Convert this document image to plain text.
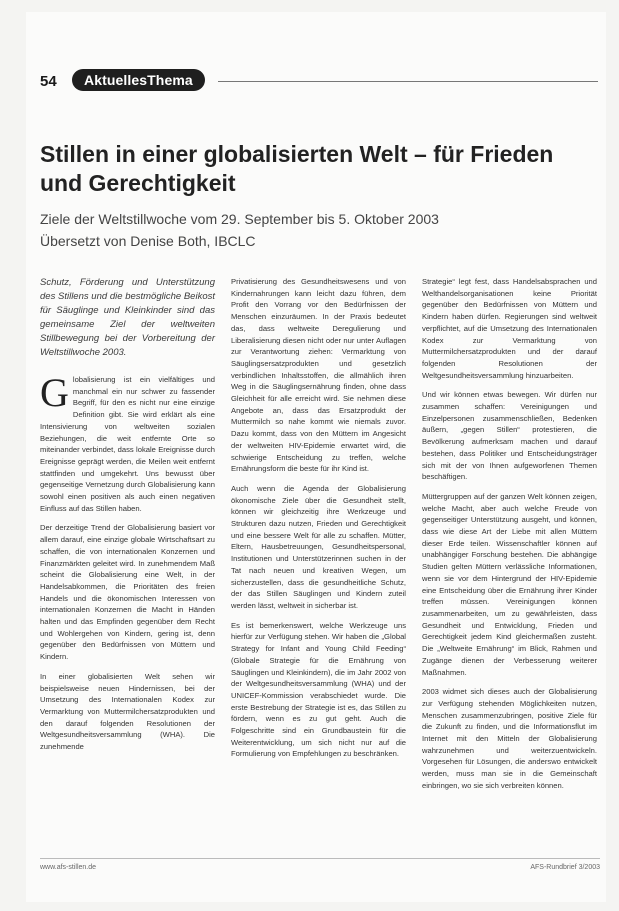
54	AktuellesThema
Stillen in einer globalisierten Welt – für Frieden und Gerechtigkeit

Ziele der Weltstillwoche vom 29. September bis 5. Oktober 2003

Übersetzt von Denise Both, IBCLC

Schutz, Förderung und Unterstützung des Stillens und die bestmögliche Beikost für Säuglinge und Kleinkinder sind das gemeinsame Ziel der weltweiten Stillbewegung bei der Vorbereitung der Weltstillwoche 2003.

Globalisierung ist ein vielfältiges und manchmal ein nur schwer zu fassender Begriff, für den es nicht nur eine einzige Definition gibt. Sie wird erklärt als eine Intensivierung von weltweiten sozialen Beziehungen, die weit entfernte Orte so miteinander verbindet, dass lokale Ereignisse durch Ereignisse geprägt werden, die Meilen weit entfernt stattfinden und umgekehrt. Uns bewusst über gegenseitige Vernetzung durch Globalisierung kann sowohl einen positiven als auch einen negativen Einfluss auf das Stillen haben.

Der derzeitige Trend der Globalisierung basiert vor allem darauf, eine einzige globale Wirtschaftsart zu schaffen, die von internationalen Konzernen und Finanzmärkten geleitet wird. In zunehmendem Maß scheint die Globalisierung eine Welt, in der Handelsabkommen, die Prioritäten des freien Handels und die ökonomischen Interessen von internationalen Konzernen die Macht in Händen halten und das Empfinden gegenüber dem Recht und Wohlergehen von Kindern, gering ist, denn gegenüber den Bedürfnissen von Müttern und Kindern.

In einer globalisierten Welt sehen wir beispielsweise neuen Hindernissen, bei der Umsetzung des Internationalen Kodex zur Vermarktung von Muttermilchersatzprodukten und den darauf folgenden Resolutionen der Weltgesundheitsversammlung (WHA). Die zunehmende

Privatisierung des Gesundheitswesens und von Kindernahrungen kann leicht dazu führen, dem Profit den Vorrang vor den Bedürfnissen der Menschen einzuräumen. In der Praxis bedeutet das, dass weltweite Deregulierung und Liberalisierung diesen nicht oder nur unter Auflagen zur Verantwortung ziehen: Vermarktung von Säuglingsersatzprodukten und gesetzlich verbindlichen Inhaltsstoffen, die allmählich ihren Weg in die Säuglingsernährung finden, ohne dass Gleichheit für alle erreicht wird. Sie nehmen diese Angebote an, dass das Ersatzprodukt der Muttermilch so nahe kommt wie niemals zuvor. Dazu kommt, dass von den Müttern im Angesicht der weltweiten HIV-Epidemie erwartet wird, die schwierige Entscheidung zu treffen, welche Ernährungsform die beste für ihr Kind ist.

Auch wenn die Agenda der Globalisierung ökonomische Ziele über die Gesundheit stellt, können wir gleichzeitig ihre Werkzeuge und Strukturen dazu nutzen, Frieden und Gerechtigkeit und eine bessere Welt für alle zu schaffen. Mütter, Eltern, Hausbetreuungen, Gesundheitspersonal, Institutionen und Unterstützerinnen suchen in der Tat nach neuen und kreativen Wegen, um sicherzustellen, dass die gesundheitliche Schutz, der das Stillen Säuglingen und Kindern zuteil werden lässt, weltweit in sicherbar ist.

Es ist bemerkenswert, welche Werkzeuge uns hierfür zur Verfügung stehen. Wir haben die „Global Strategy for Infant and Young Child Feeding“ (Globale Strategie für die Ernährung von Säuglingen und Kleinkindern), die im Jahr 2002 von der Weltgesundheitsversammlung (WHA) und der UNICEF-Kommission verabschiedet wurde. Die erste Bestrebung der Strategie ist es, das Stillen zu fördern, wenn es zu gut geht. Auch die Folgeschritte sind ein Grundbaustein für die Weiterentwicklung, um sich nicht nur auf die Formulierung von Empfehlungen zu beschränken.

Strategie“ legt fest, dass Handelsabsprachen und Welthandelsorganisationen keine Priorität gegenüber den Bedürfnissen von Müttern und Kindern haben dürfen. Regierungen sind weltweit verpflichtet, auf die Umsetzung des Internationalen Kodex zur Vermarktung von Muttermilchersatzprodukten und der darauf folgenden Resolutionen der Weltgesundheitsversammlung hinzuarbeiten.

Und wir können etwas bewegen. Wir dürfen nur zusammen schaffen: Vereinigungen und Einzelpersonen zusammenschließen, Bedenken äußern, „gegen Stillen“ protestieren, die Bevölkerung aufmerksam machen und darauf bestehen, dass Politiker und Entscheidungsträger sich mit der von Ihnen aufgeworfenen Themen beschäftigen.

Müttergruppen auf der ganzen Welt können zeigen, welche Macht, aber auch welche Freude von gegenseitiger Unterstützung ausgeht, und können, dass wie diese Art der Liebe mit allen Müttern dieser Erde teilen. Wissenschaftler können auf unabhängiger Forschung bestehen. Die abhängige Studien gelten Müttern verlässliche Informationen, wenn sie vor dem Hintergrund der HIV-Epidemie eine Entscheidung über die Ernährung ihrer Kinder treffen müssen. Vereinigungen können zusammenarbeiten, um zu gewährleisten, dass Gesundheit und Entwicklung, Frieden und Gerechtigkeit jedem Kind gleichermaßen zusteht. Die „Weltweite Ernährung“ im Blick, Rahmen und Zugänge dienen der Verbesserung weiterer Maßnahmen.

2003 widmet sich dieses auch der Globalisierung zur Verfügung stehenden Möglichkeiten nutzen, Menschen zusammenzubringen, positive Ziele für die Zukunft zu finden, und die Informationsflut im Internet mit den Mitteln der Globalisierung wahrzunehmen und weiterzuentwickeln. Vorgesehen für Lösungen, die anderswo entwickelt werden, muss man sie in die Gemeinschaft einbringen, wo sie sich verbreiten können.

www.afs-stillen.de	AFS-Rundbrief 3/2003
